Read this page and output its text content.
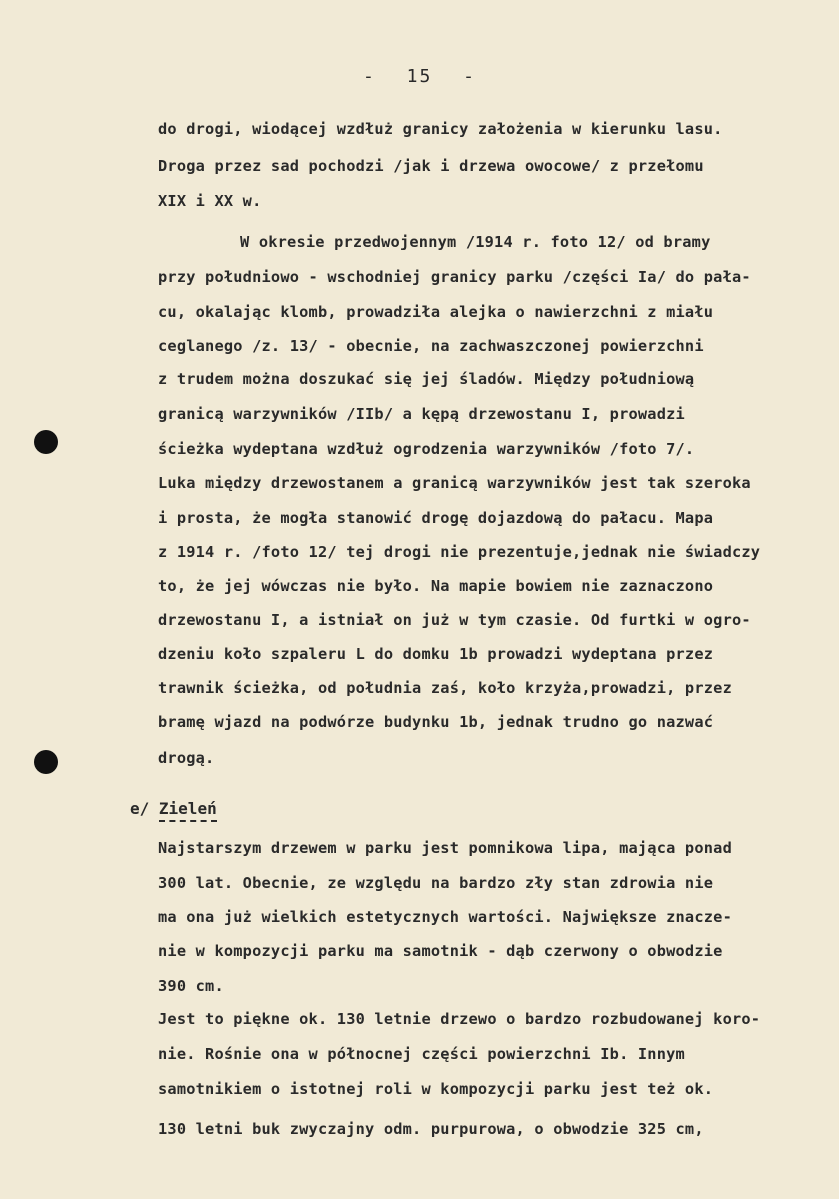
- 15 -
do drogi, wiodącej wzdłuż granicy założenia w kierunku lasu.
Droga przez sad pochodzi /jak i drzewa owocowe/ z przełomu
XIX i XX w.
W okresie przedwojennym /1914 r. foto 12/ od bramy
przy południowo - wschodniej granicy parku /części Ia/ do pała-
cu, okalając klomb, prowadziła alejka o nawierzchni z miału
ceglanego /z. 13/ - obecnie, na zachwaszczonej powierzchni
z trudem można doszukać się jej śladów. Między południową
granicą warzywników /IIb/ a kępą drzewostanu I, prowadzi
ścieżka wydeptana wzdłuż ogrodzenia warzywników /foto 7/.
Luka między drzewostanem a granicą warzywników jest tak szeroka
i prosta, że mogła stanowić drogę dojazdową do pałacu. Mapa
z 1914 r. /foto 12/ tej drogi nie prezentuje,jednak nie świadczy
to, że jej wówczas nie było. Na mapie bowiem nie zaznaczono
drzewostanu I, a istniał on już w tym czasie. Od furtki w ogro-
dzeniu koło szpaleru L do domku 1b prowadzi wydeptana przez
trawnik ścieżka, od południa zaś, koło krzyża,prowadzi, przez
bramę wjazd na podwórze budynku 1b, jednak trudno go nazwać
drogą.
e/ Zieleń
Najstarszym drzewem w parku jest pomnikowa lipa, mająca ponad
300 lat. Obecnie, ze względu na bardzo zły stan zdrowia nie
ma ona już wielkich estetycznych wartości. Największe znacze-
nie w kompozycji parku ma samotnik - dąb czerwony o obwodzie
390 cm.
Jest to piękne ok. 130 letnie drzewo o bardzo rozbudowanej koro-
nie. Rośnie ona w północnej części powierzchni Ib. Innym
samotnikiem o istotnej roli w kompozycji parku jest też ok.
130 letni buk zwyczajny odm. purpurowa, o obwodzie 325 cm,
